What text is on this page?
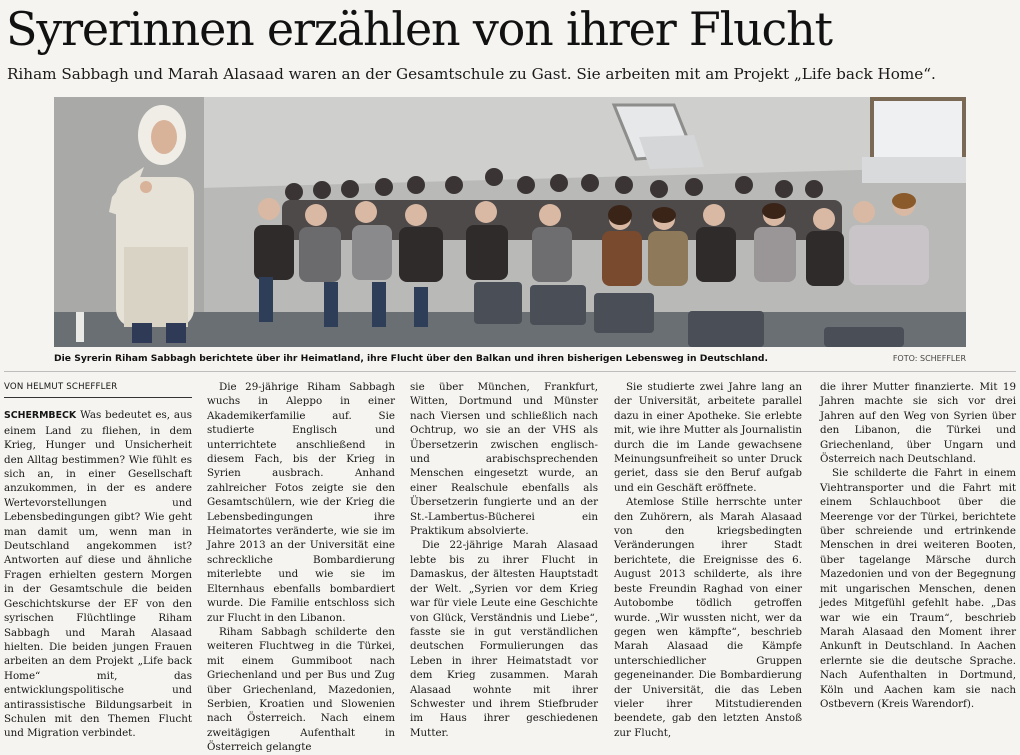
Syrerinnen erzählen von ihrer Flucht

Riham Sabbagh und Marah Alasaad waren an der Gesamtschule zu Gast. Sie arbeiten mit am Projekt „Life back Home“.

Die Syrerin Riham Sabbagh berichtete über ihr Heimatland, ihre Flucht über den Balkan und ihren bisherigen Lebensweg in Deutschland.	FOTO: SCHEFFLER
VON HELMUT SCHEFFLER

SCHERMBECK Was bedeutet es, aus einem Land zu fliehen, in dem Krieg, Hunger und Unsicherheit den Alltag bestimmen? Wie fühlt es sich an, in einer Gesellschaft anzukommen, in der es andere Wertevorstellungen und Lebensbedingungen gibt? Wie geht man damit um, wenn man in Deutschland angekommen ist? Antworten auf diese und ähnliche Fragen erhielten gestern Morgen in der Gesamtschule die beiden Geschichtskurse der EF von den syrischen Flüchtlinge Riham Sabbagh und Marah Alasaad hielten. Die beiden jungen Frauen arbeiten an dem Projekt „Life back Home“ mit, das entwicklungspolitische und antirassistische Bildungsarbeit in Schulen mit den Themen Flucht und Migration verbindet.

Die 29-jährige Riham Sabbagh wuchs in Aleppo in einer Akademikerfamilie auf. Sie studierte Englisch und unterrichtete anschließend in diesem Fach, bis der Krieg in Syrien ausbrach. Anhand zahlreicher Fotos zeigte sie den Gesamtschülern, wie der Krieg die Lebensbedingungen ihre Heimatortes veränderte, wie sie im Jahre 2013 an der Universität eine schreckliche Bombardierung miterlebte und wie sie im Elternhaus ebenfalls bombardiert wurde. Die Familie entschloss sich zur Flucht in den Libanon.

Riham Sabbagh schilderte den weiteren Fluchtweg in die Türkei, mit einem Gummiboot nach Griechenland und per Bus und Zug über Griechenland, Mazedonien, Serbien, Kroatien und Slowenien nach Österreich. Nach einem zweitägigen Aufenthalt in Österreich gelangte

sie über München, Frankfurt, Witten, Dortmund und Münster nach Viersen und schließlich nach Ochtrup, wo sie an der VHS als Übersetzerin zwischen englisch- und arabischsprechenden Menschen eingesetzt wurde, an einer Realschule ebenfalls als Übersetzerin fungierte und an der St.-Lambertus-Bücherei ein Praktikum absolvierte.

Die 22-jährige Marah Alasaad lebte bis zu ihrer Flucht in Damaskus, der ältesten Hauptstadt der Welt. „Syrien vor dem Krieg war für viele Leute eine Geschichte von Glück, Verständnis und Liebe“, fasste sie in gut verständlichen deutschen Formulierungen das Leben in ihrer Heimatstadt vor dem Krieg zusammen. Marah Alasaad wohnte mit ihrer Schwester und ihrem Stiefbruder im Haus ihrer geschiedenen Mutter.

Sie studierte zwei Jahre lang an der Universität, arbeitete parallel dazu in einer Apotheke. Sie erlebte mit, wie ihre Mutter als Journalistin durch die im Lande gewachsene Meinungsunfreiheit so unter Druck geriet, dass sie den Beruf aufgab und ein Geschäft eröffnete.

Atemlose Stille herrschte unter den Zuhörern, als Marah Alasaad von den kriegsbedingten Veränderungen ihrer Stadt berichtete, die Ereignisse des 6. August 2013 schilderte, als ihre beste Freundin Raghad von einer Autobombe tödlich getroffen wurde. „Wir wussten nicht, wer da gegen wen kämpfte“, beschrieb Marah Alasaad die Kämpfe unterschiedlicher Gruppen gegeneinander. Die Bombardierung der Universität, die das Leben vieler ihrer Mitstudierenden beendete, gab den letzten Anstoß zur Flucht,

die ihrer Mutter finanzierte. Mit 19 Jahren machte sie sich vor drei Jahren auf den Weg von Syrien über den Libanon, die Türkei und Griechenland, über Ungarn und Österreich nach Deutschland.

Sie schilderte die Fahrt in einem Viehtransporter und die Fahrt mit einem Schlauchboot über die Meerenge vor der Türkei, berichtete über schreiende und ertrinkende Menschen in drei weiteren Booten, über tagelange Märsche durch Mazedonien und von der Begegnung mit ungarischen Menschen, denen jedes Mitgefühl gefehlt habe. „Das war wie ein Traum“, beschrieb Marah Alasaad den Moment ihrer Ankunft in Deutschland. In Aachen erlernte sie die deutsche Sprache. Nach Aufenthalten in Dortmund, Köln und Aachen kam sie nach Ostbevern (Kreis Warendorf).
